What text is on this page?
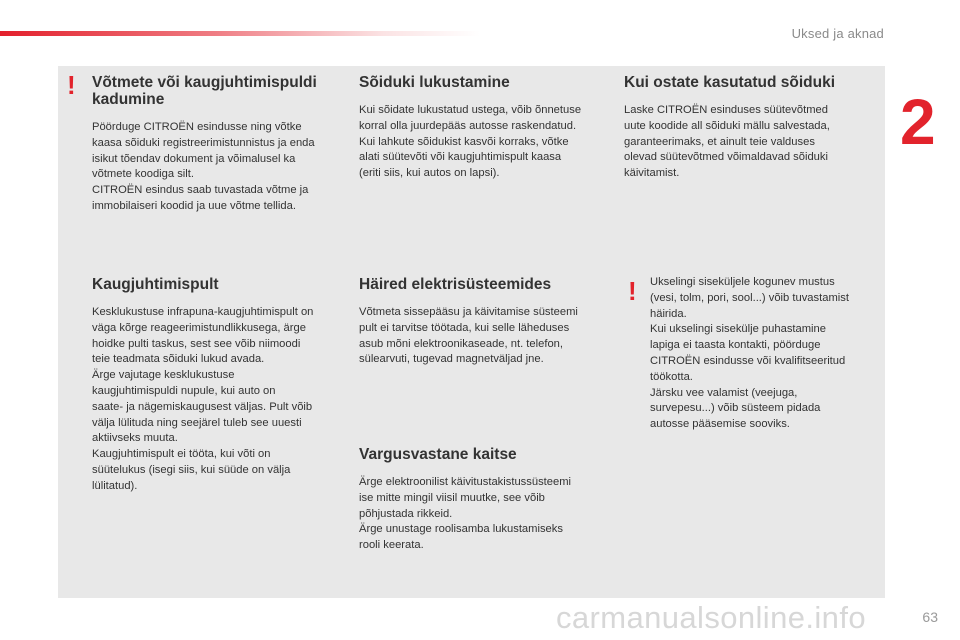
Uksed ja aknad
2
! Võtmete või kaugjuhtimispuldi kadumine

Pöörduge CITROËN esindusse ning võtke
kaasa sõiduki registreerimistunnistus ja enda
isikut tõendav dokument ja võimalusel ka
võtmete koodiga silt.
CITROËN esindus saab tuvastada võtme ja
immobilaiseri koodid ja uue võtme tellida.

Kaugjuhtimispult

Kesklukustuse infrapuna-kaugjuhtimispult on
väga kõrge reageerimistundlikkusega, ärge
hoidke pulti taskus, sest see võib niimoodi
teie teadmata sõiduki lukud avada.
Ärge vajutage kesklukustuse
kaugjuhtimispuldi nupule, kui auto on
saate- ja nägemiskaugusest väljas. Pult võib
välja lülituda ning seejärel tuleb see uuesti
aktiivseks muuta.
Kaugjuhtimispult ei tööta, kui võti on
süütelukus (isegi siis, kui süüde on välja
lülitatud).

Sõiduki lukustamine

Kui sõidate lukustatud ustega, võib õnnetuse
korral olla juurdepääs autosse raskendatud.
Kui lahkute sõidukist kasvõi korraks, võtke
alati süütevõti või kaugjuhtimispult kaasa
(eriti siis, kui autos on lapsi).

Häired elektrisüsteemides

Võtmeta sissepääsu ja käivitamise süsteemi
pult ei tarvitse töötada, kui selle läheduses
asub mõni elektroonikaseade, nt. telefon,
sülearvuti, tugevad magnetväljad jne.

Vargusvastane kaitse

Ärge elektroonilist käivitustakistussüsteemi
ise mitte mingil viisil muutke, see võib
põhjustada rikkeid.
Ärge unustage roolisamba lukustamiseks
rooli keerata.

Kui ostate kasutatud sõiduki

Laske CITROËN esinduses süütevõtmed
uute koodide all sõiduki mällu salvestada,
garanteerimaks, et ainult teie valduses
olevad süütevõtmed võimaldavad sõiduki
käivitamist.

! Ukselingi siseküljele kogunev mustus
(vesi, tolm, pori, sool...) võib tuvastamist
häirida.
Kui ukselingi sisekülje puhastamine
lapiga ei taasta kontakti, pöörduge
CITROËN esindusse või kvalifitseeritud
töökotta.
Järsku vee valamist (veejuga,
survepesu...) võib süsteem pidada
autosse pääsemise sooviks.

63
carmanualsonline.info
